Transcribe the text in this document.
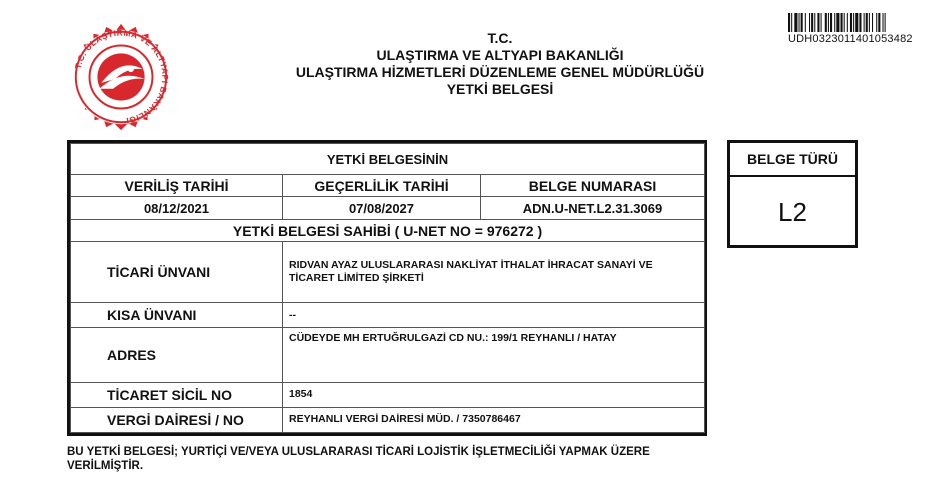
T.C. ULAŞTIRMA VE ALTYAPI BAKANLIĞI
T.C.
ULAŞTIRMA VE ALTYAPI BAKANLIĞI
ULAŞTIRMA HİZMETLERİ DÜZENLEME GENEL MÜDÜRLÜĞÜ
YETKİ BELGESİ
UDH0323011401053482
YETKİ BELGESİNİN		
VERİLİŞ TARİHİ	GEÇERLİLİK TARİHİ	BELGE NUMARASI
08/12/2021	07/08/2027	ADN.U-NET.L2.31.3069
YETKİ BELGESİ SAHİBİ ( U-NET NO = 976272 )		
TİCARİ ÜNVANI	RIDVAN AYAZ ULUSLARARASI NAKLİYAT İTHALAT İHRACAT SANAYİ VE TİCARET LİMİTED ŞİRKETİ	
KISA ÜNVANI	--	
ADRES	CÜDEYDE MH ERTUĞRULGAZİ CD NU.: 199/1 REYHANLI / HATAY	

TİCARET SİCİL NO	1854	
VERGİ DAİRESİ / NO	REYHANLI VERGİ DAİRESİ MÜD. / 7350786467	
BELGE TÜRÜ
L2
BU YETKİ BELGESİ; YURTİÇİ VE/VEYA ULUSLARARASI TİCARİ LOJİSTİK İŞLETMECİLİĞİ YAPMAK ÜZERE VERİLMİŞTİR.
